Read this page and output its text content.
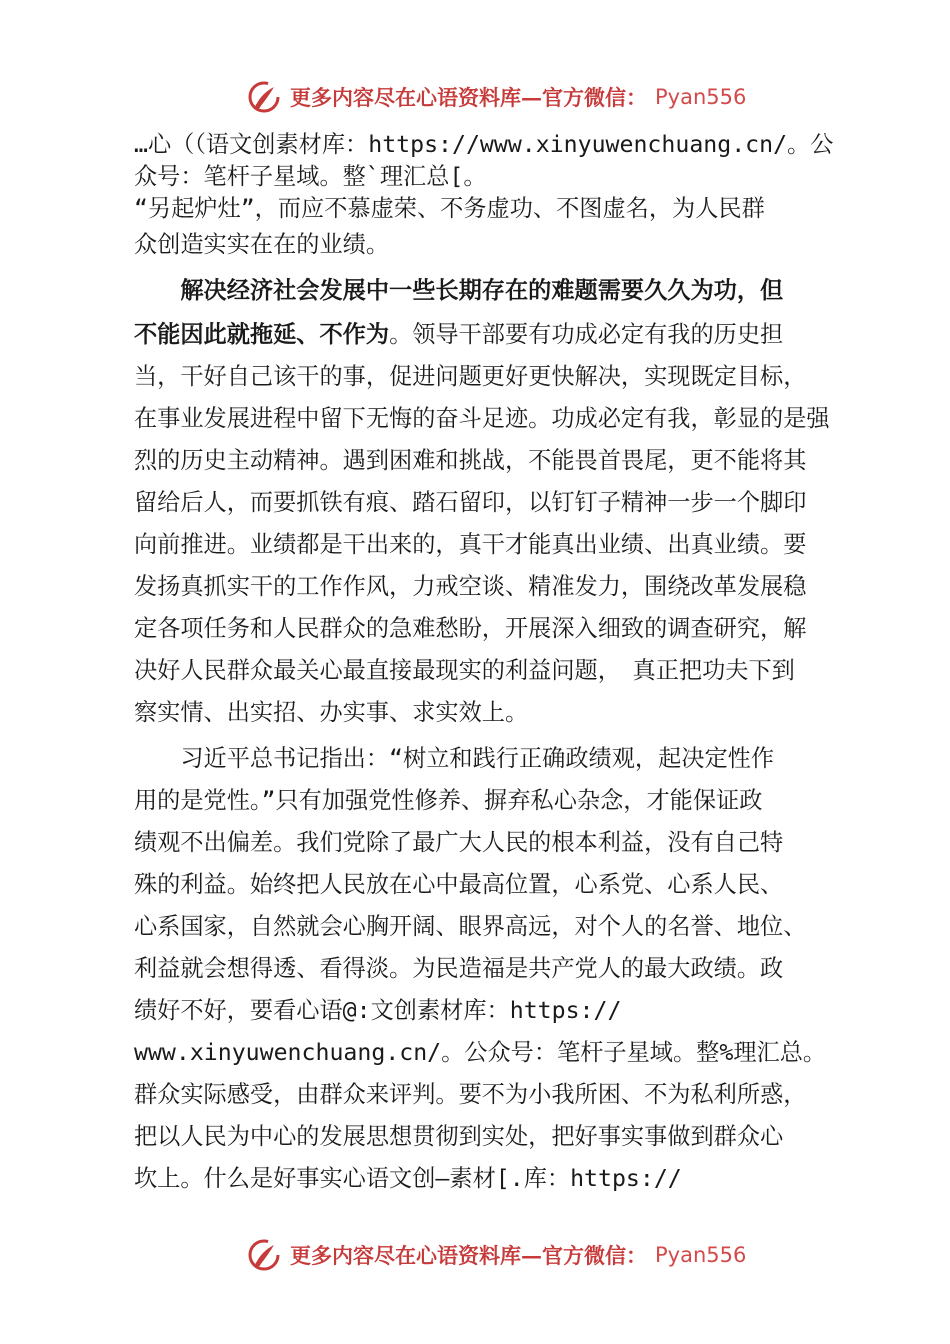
更多内容尽在心语资料库—官方微信： Pyan556
…心（（语文创素材库：https://www.xinyuwenchuang.cn/。公
众号：笔杆子星域。整`理汇总[。
“另起炉灶”，而应不慕虚荣、不务虚功、不图虚名，为人民群
众创造实实在在的业绩。
　　解决经济社会发展中一些长期存在的难题需要久久为功，但
不能因此就拖延、不作为。领导干部要有功成必定有我的历史担
当，干好自己该干的事，促进问题更好更快解决，实现既定目标，
在事业发展进程中留下无悔的奋斗足迹。功成必定有我，彰显的是强
烈的历史主动精神。遇到困难和挑战，不能畏首畏尾，更不能将其
留给后人，而要抓铁有痕、踏石留印，以钉钉子精神一步一个脚印
向前推进。业绩都是干出来的，真干才能真出业绩、出真业绩。要
发扬真抓实干的工作作风，力戒空谈、精准发力，围绕改革发展稳
定各项任务和人民群众的急难愁盼，开展深入细致的调查研究，解
决好人民群众最关心最直接最现实的利益问题，　真正把功夫下到
察实情、出实招、办实事、求实效上。
　　习近平总书记指出：“树立和践行正确政绩观，起决定性作
用的是党性。”只有加强党性修养、摒弃私心杂念，才能保证政
绩观不出偏差。我们党除了最广大人民的根本利益，没有自己特
殊的利益。始终把人民放在心中最高位置，心系党、心系人民、
心系国家，自然就会心胸开阔、眼界高远，对个人的名誉、地位、
利益就会想得透、看得淡。为民造福是共产党人的最大政绩。政
绩好不好，要看心语@:文创素材库：https://
www.xinyuwenchuang.cn/。公众号：笔杆子星域。整%理汇总。
群众实际感受，由群众来评判。要不为小我所困、不为私利所惑，
把以人民为中心的发展思想贯彻到实处，把好事实事做到群众心
坎上。什么是好事实心语文创—素材[.库：https://
更多内容尽在心语资料库—官方微信： Pyan556
